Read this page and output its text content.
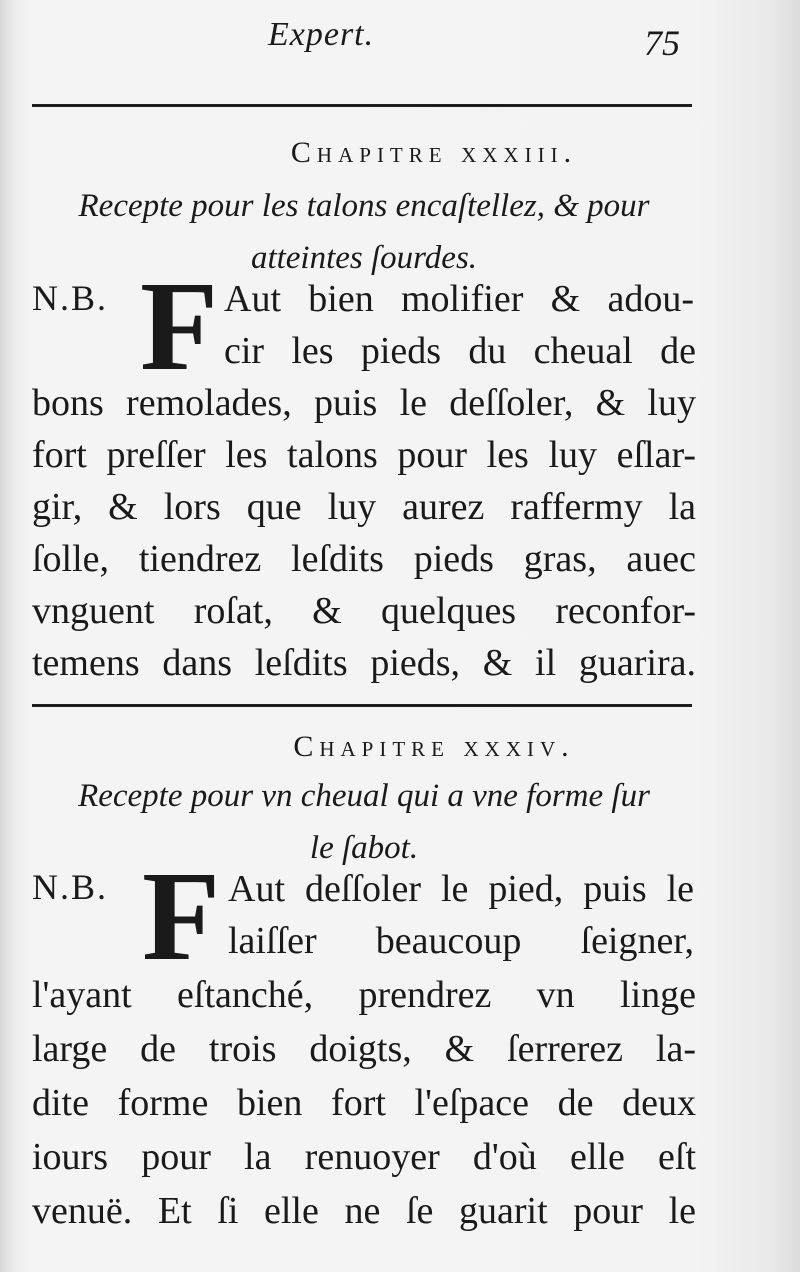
Expert.	75
Chapitre xxxiii.
Recepte pour les talons encaſtellez, & pour
atteintes ſourdes.
N.B. F Aut bien molifier & adou-
cir les pieds du cheual de
bons remolades, puis le deſſoler, & luy
fort preſſer les talons pour les luy eſlar-
gir, & lors que luy aurez raffermy la
ſolle, tiendrez leſdits pieds gras, auec
vnguent roſat, & quelques reconfor-
temens dans leſdits pieds, & il guarira.
Chapitre xxxiv.
Recepte pour vn cheual qui a vne forme ſur
le ſabot.
N.B. F Aut deſſoler le pied, puis le
laiſſer beaucoup ſeigner,
l'ayant eſtanché, prendrez vn linge
large de trois doigts, & ſerrerez la-
dite forme bien fort l'eſpace de deux
iours pour la renuoyer d'où elle eſt
venuë. Et ſi elle ne ſe guarit pour le
